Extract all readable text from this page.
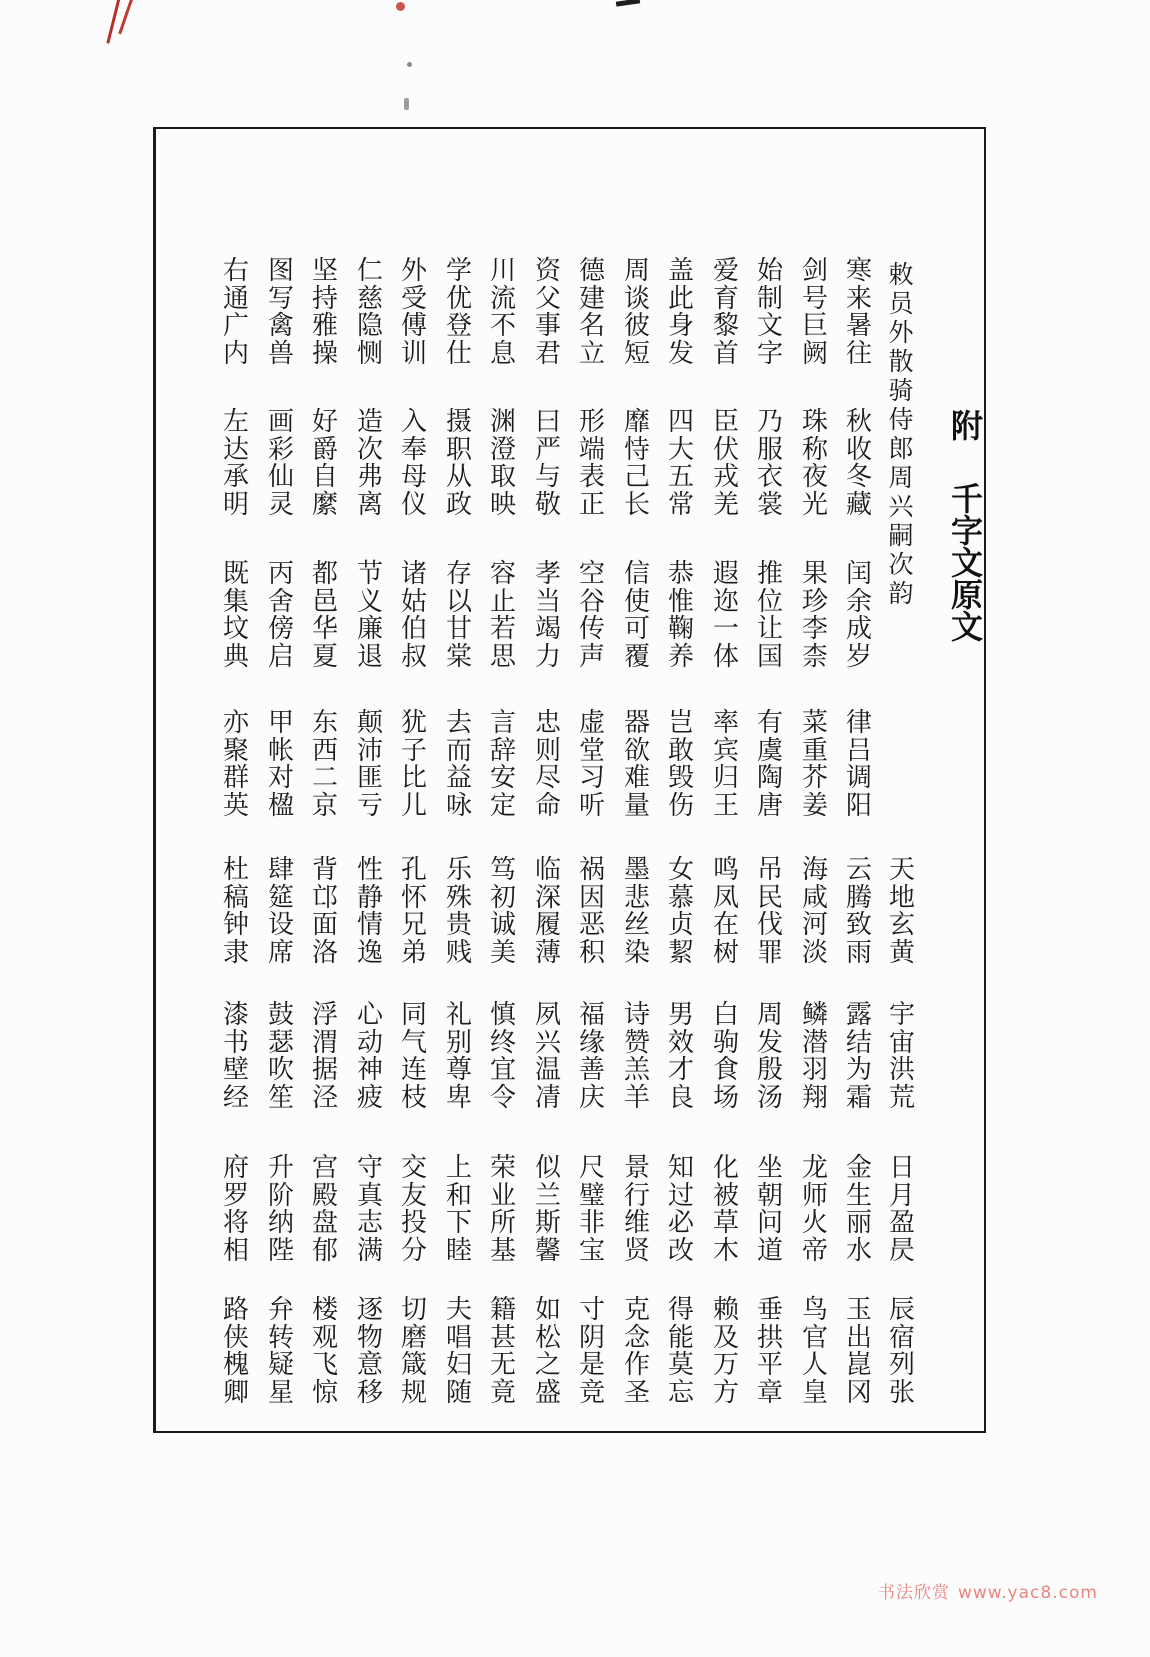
附
千字文原文
敕员外散骑侍郎周兴嗣次韵
天地玄黄
宇宙洪荒
日月盈昃
辰宿列张
寒来暑往
秋收冬藏
闰余成岁
律吕调阳
云腾致雨
露结为霜
金生丽水
玉出崑冈
剑号巨阙
珠称夜光
果珍李柰
菜重芥姜
海咸河淡
鳞潜羽翔
龙师火帝
鸟官人皇
始制文字
乃服衣裳
推位让国
有虞陶唐
吊民伐罪
周发殷汤
坐朝问道
垂拱平章
爱育黎首
臣伏戎羌
遐迩一体
率宾归王
鸣凤在树
白驹食场
化被草木
赖及万方
盖此身发
四大五常
恭惟鞠养
岂敢毁伤
女慕贞絜
男效才良
知过必改
得能莫忘
周谈彼短
靡恃己长
信使可覆
器欲难量
墨悲丝染
诗赞羔羊
景行维贤
克念作圣
德建名立
形端表正
空谷传声
虚堂习听
祸因恶积
福缘善庆
尺璧非宝
寸阴是竞
资父事君
曰严与敬
孝当竭力
忠则尽命
临深履薄
夙兴温凊
似兰斯馨
如松之盛
川流不息
渊澄取映
容止若思
言辞安定
笃初诚美
慎终宜令
荣业所基
籍甚无竟
学优登仕
摄职从政
存以甘棠
去而益咏
乐殊贵贱
礼别尊卑
上和下睦
夫唱妇随
外受傅训
入奉母仪
诸姑伯叔
犹子比儿
孔怀兄弟
同气连枝
交友投分
切磨箴规
仁慈隐恻
造次弗离
节义廉退
颠沛匪亏
性静情逸
心动神疲
守真志满
逐物意移
坚持雅操
好爵自縻
都邑华夏
东西二京
背邙面洛
浮渭据泾
宫殿盘郁
楼观飞惊
图写禽兽
画彩仙灵
丙舍傍启
甲帐对楹
肆筵设席
鼓瑟吹笙
升阶纳陛
弁转疑星
右通广内
左达承明
既集坟典
亦聚群英
杜稿钟隶
漆书壁经
府罗将相
路侠槐卿
书法欣赏 www.yac8.com
